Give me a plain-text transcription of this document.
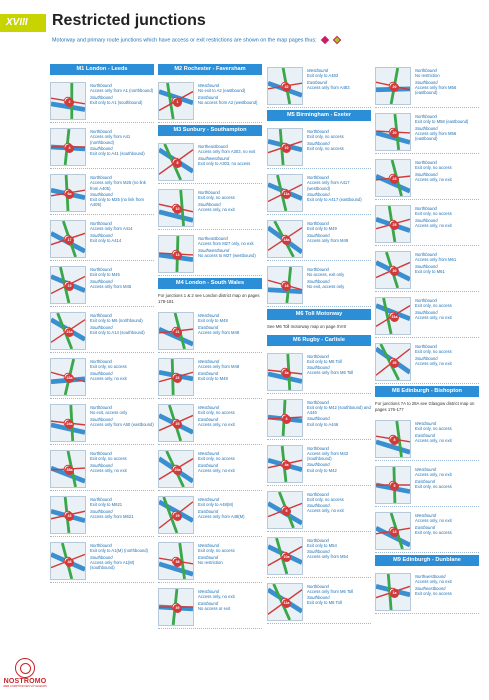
XVIII	Restricted junctions
Motorway and primary route junctions which have access or exit restrictions are shown on the map pages thus:
M1 London - Leeds
2
Northbound
Access only from A1 (northbound)
Southbound
Exit only to A1 (southbound)
4
Northbound
Access only from A41 (northbound)
Southbound
Exit only to A41 (southbound)
6a
Northbound
Access only from M25 (no link from A405)
Southbound
Exit only to M25 (no link from A405)
17
Northbound
Access only from A414
Southbound
Exit only to A414
19
Northbound
Exit only to M45
Southbound
Access only from M45
21a
Northbound
Exit only to M6 (northbound)
Southbound
Exit only to A14 (southbound)
23a
Northbound
Exit only, no access
Southbound
Access only, no exit
24a
Northbound
No exit, access only
Southbound
Access only from A50 (eastbound)
35a
Northbound
Exit only, no access
Southbound
Access only, no exit
43
Northbound
Exit only to M621
Southbound
Access only from M621
48
Northbound
Exit only to A1(M) (northbound)
Southbound
Access only from A1(M) (southbound)
M2 Rochester - Faversham
1
Westbound
No exit to A2 (eastbound)
Eastbound
No access from A2 (westbound)
M3 Sunbury - Southampton
8
Northeastbound
Access only from A303, no exit
Southwestbound
Exit only to A303, no access
10
Northbound
Exit only, no access
Southbound
Access only, no exit
14
Northeastbound
Access from M27 only, no exit
Southwestbound
No access to M27 (westbound)
M4 London - South Wales
For junctions 1 & 2 see London district map on pages 178-181
21
Westbound
Exit only to M48
Eastbound
Access only from M48
23
Westbound
Access only from M48
Eastbound
Exit only to M48
25
Westbound
Exit only, no access
Eastbound
Access only, no exit
25a
Westbound
Exit only, no access
Eastbound
Access only, no exit
29
Westbound
Exit only to A48(M)
Eastbound
Access only from A48(M)
38
Westbound
Exit only, no access
Eastbound
No restriction
39
Westbound
Access only, no exit
Eastbound
No access or exit
42
Westbound
Exit only to A483
Eastbound
Access only from A483
M5 Birmingham - Exeter
10
Northbound
Exit only, no access
Southbound
Exit only, no access
11a
Northbound
Access only from A417 (westbound)
Southbound
Exit only to A417 (eastbound)
18a
Northbound
Exit only to M49
Southbound
Access only from M49
18
Northbound
No access, exit only
Southbound
No exit, access only
M6 Toll Motorway
See M6 Toll motorway map on page XVIII
M6 Rugby - Carlisle
3a
Northbound
Exit only to M6 Toll
Southbound
Access only from M6 Toll
4
Northbound
Exit only to M42 (southbound) and A446
Southbound
Exit only to A446
4a
Northbound
Access only from M42 (southbound)
Southbound
Exit only to M42
5
Northbound
Exit only, no access
Southbound
Access only, no exit
10a
Northbound
Exit only to M54
Southbound
Access only from M54
11a
Northbound
Access only from M6 Toll
Southbound
Exit only to M6 Toll
20
Northbound
No restriction
Southbound
Access only from M56 (eastbound)
20
Northbound
Exit only to M56 (eastbound)
Southbound
Access only from M56 (eastbound)
24
Northbound
Exit only, no access
Southbound
Access only, no exit
25
Northbound
Exit only, no access
Southbound
Access only, no exit
30
Northbound
Access only from M61
Southbound
Exit only to M61
31a
Northbound
Exit only, no access
Southbound
Access only, no exit
45
Northbound
Exit only, no access
Southbound
Access only, no exit
M8 Edinburgh - Bishopton
For junctions 7A to 28A see Glasgow district map on pages 176-177
8
Westbound
Exit only, no access
Eastbound
Access only, no exit
9
Westbound
Access only, no exit
Eastbound
Exit only, no access
13
Westbound
Access only, no exit
Eastbound
Exit only, no access
M9 Edinburgh - Dunblane
1a
Northwestbound
Access only, no exit
Southeastbound
Exit only, no access
NOSTROMO
WEB COMPTOIR DES VOYAGEURS
